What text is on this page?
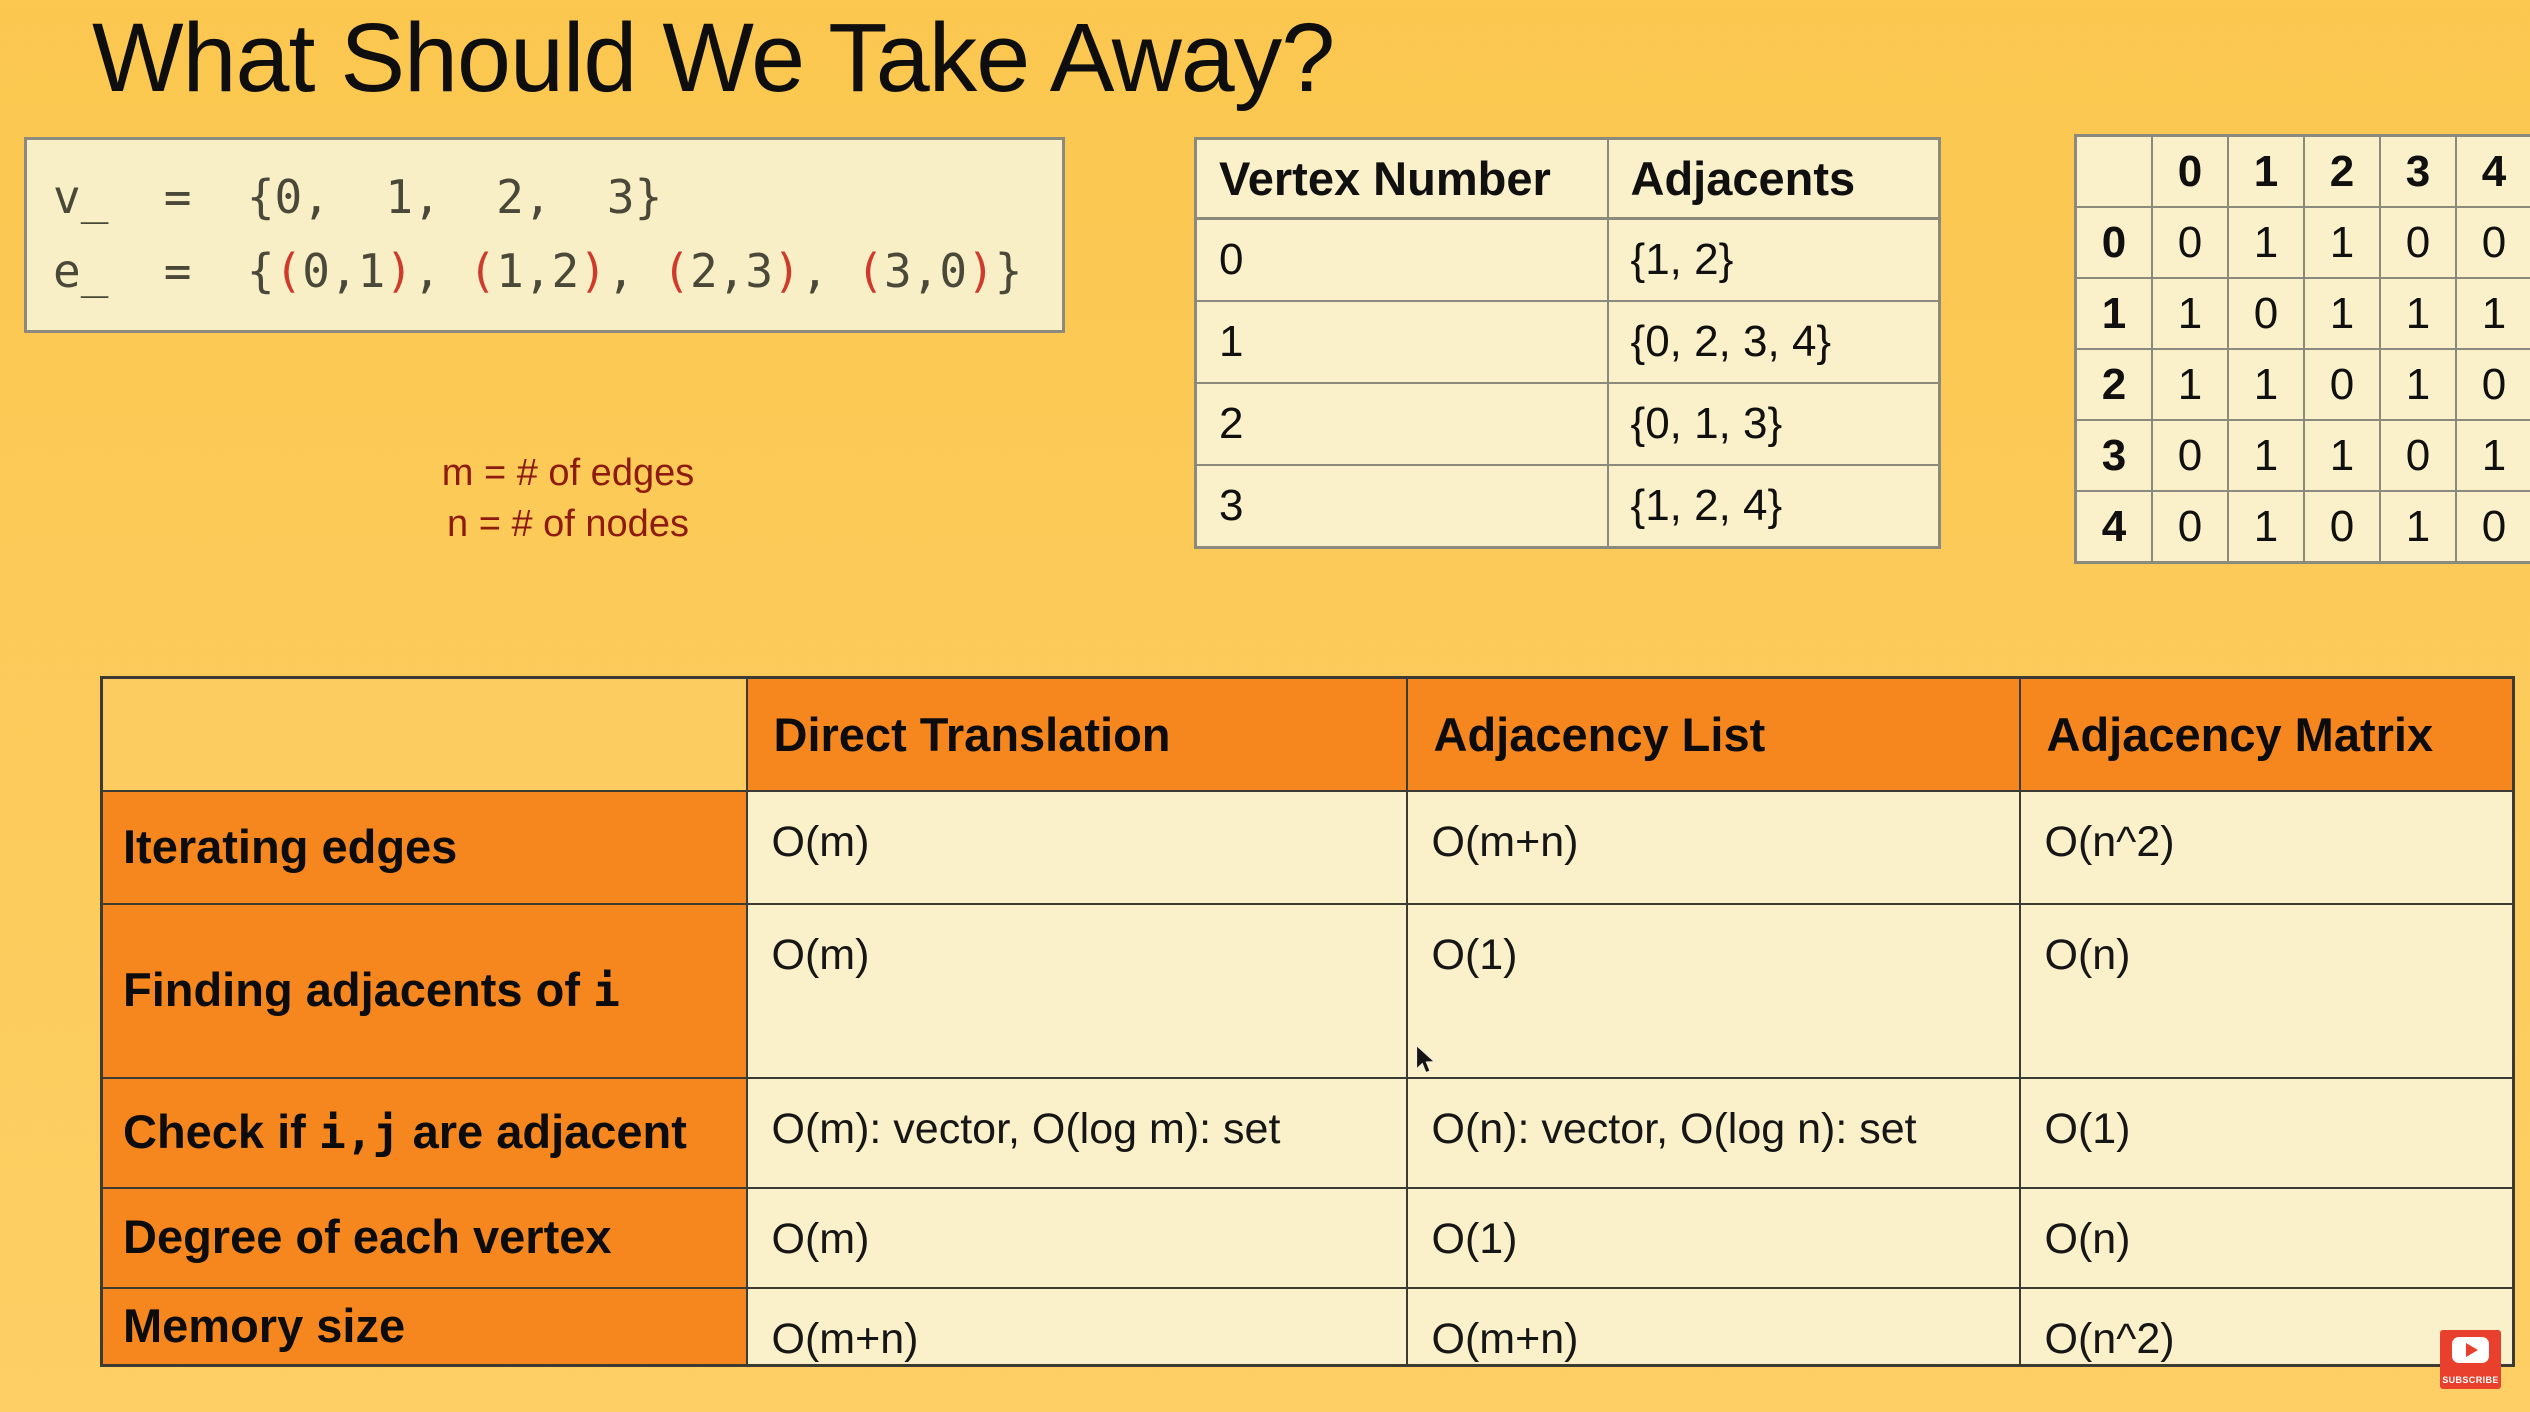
What Should We Take Away?
v_  =  {0,  1,  2,  3}
e_  =  {(0,1), (1,2), (2,3), (3,0)}
Vertex Number	Adjacents
0	{1, 2}
1	{0, 2, 3, 4}
2	{0, 1, 3}
3	{1, 2, 4}
	0	1	2	3	4
0	0	1	1	0	0
1	1	0	1	1	1
2	1	1	0	1	0
3	0	1	1	0	1
4	0	1	0	1	0
m = # of edges
n = # of nodes
	Direct Translation	Adjacency List	Adjacency Matrix
Iterating edges	O(m)	O(m+n)	O(n^2)
Finding adjacents of i	O(m)	O(1)	O(n)
Check if i,j are adjacent	O(m): vector, O(log m): set	O(n): vector, O(log n): set	O(1)
Degree of each vertex	O(m)	O(1)	O(n)
Memory size	O(m+n)	O(m+n)	O(n^2)
SUBSCRIBE
